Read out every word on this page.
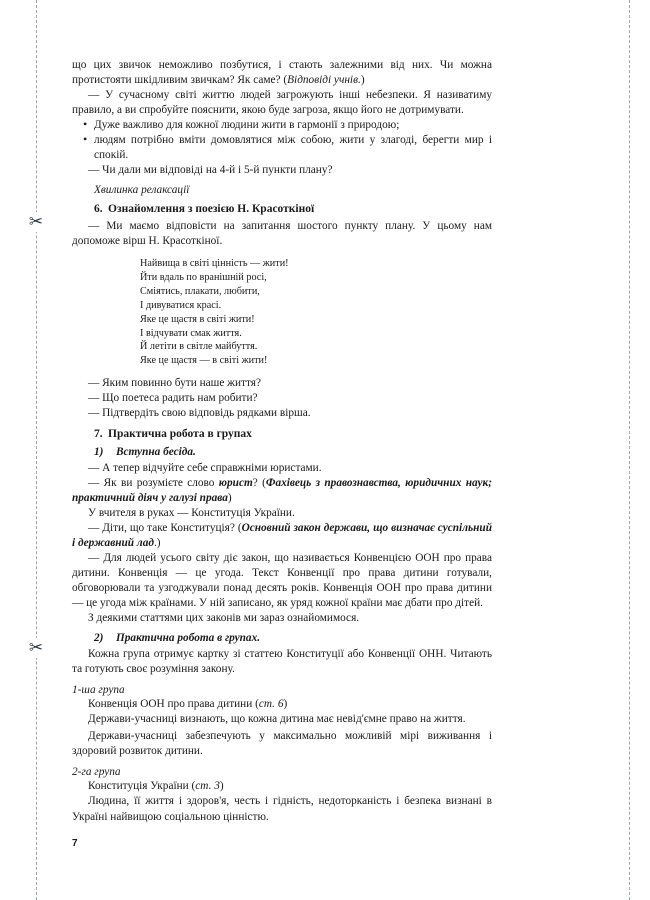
✂
✂

що цих звичок неможливо позбутися, і стають залежними від них. Чи можна протистояти шкідливим звичкам? Як саме? (Відповіді учнів.)

— У сучасному світі життю людей загрожують інші небезпеки. Я називатиму правило, а ви спробуйте пояснити, якою буде загроза, якщо його не дотримувати.

• Дуже важливо для кожної людини жити в гармонії з природою;
• людям потрібно вміти домовлятися між собою, жити у злагоді, берегти мир і спокій.

— Чи дали ми відповіді на 4-й і 5-й пункти плану?

Хвилинка релаксації
6. Ознайомлення з поезією Н. Красоткіної

— Ми маємо відповісти на запитання шостого пункту плану. У цьому нам допоможе вірш Н. Красоткіної.

Найвища в світі цінність — жити!
Йти вдаль по вранішній росі,
Сміятись, плакати, любити,
І дивуватися красі.
Яке це щастя в світі жити!
І відчувати смак життя.
Й летіти в світле майбуття.
Яке це щастя — в світі жити!

— Яким повинно бути наше життя?

— Що поетеса радить нам робити?

— Підтвердіть свою відповідь рядками вірша.

7. Практична робота в групах
1) Вступна бесіда.

— А тепер відчуйте себе справжніми юристами.

— Як ви розумієте слово юрист? (Фахівець з правознавства, юридичних наук; практичний діяч у галузі права)

У вчителя в руках — Конституція України.

— Діти, що таке Конституція? (Основний закон держави, що визначає суспільний і державний лад.)

— Для людей усього світу діє закон, що називається Конвенцією ООН про права дитини. Конвенція — це угода. Текст Конвенції про права дитини готували, обговорювали та узгоджували понад десять років. Конвенція ООН про права дитини — це угода між країнами. У ній записано, як уряд кожної країни має дбати про дітей.

З деякими статтями цих законів ми зараз ознайомимося.

2) Практична робота в групах.

Кожна група отримує картку зі статтею Конституції або Конвенції ОНН. Читають та готують своє розуміння закону.

1-ша група

Конвенція ООН про права дитини (ст. 6)

Держави-учасниці визнають, що кожна дитина має невід'ємне право на життя.

Держави-учасниці забезпечують у максимально можливій мірі виживання і здоровий розвиток дитини.

2-га група

Конституція України (ст. 3)

Людина, її життя і здоров'я, честь і гідність, недоторканість і безпека визнані в Україні найвищою соціальною цінністю.

7
